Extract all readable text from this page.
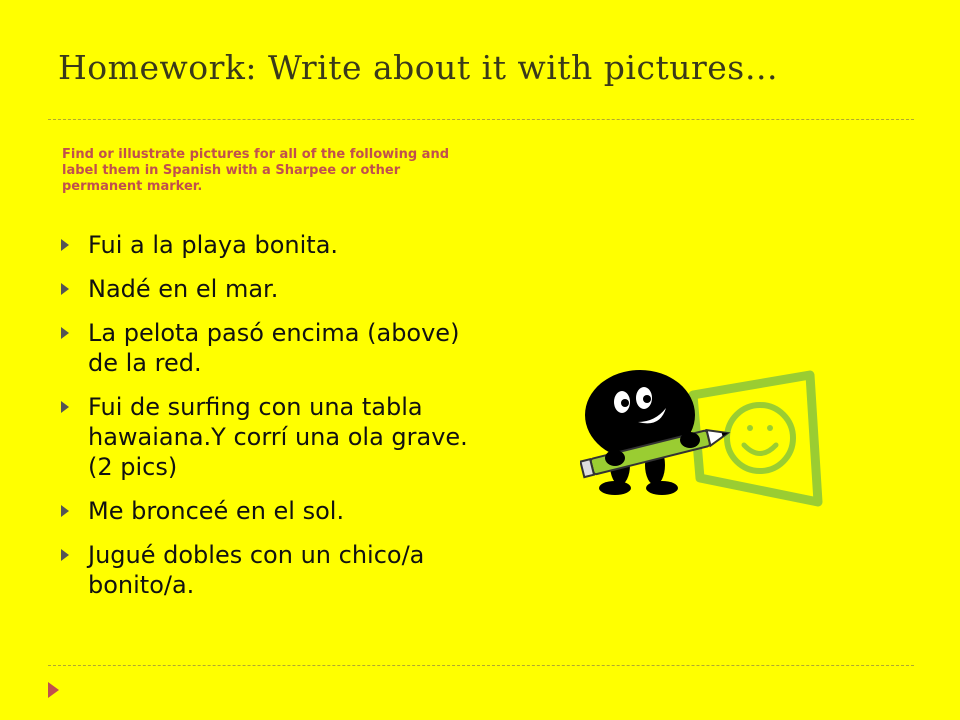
Homework: Write about it with pictures…
Find or illustrate pictures for all of the following and label them in Spanish with a Sharpee or other permanent marker.
Fui a la playa bonita.
Nadé en el mar.
La pelota pasó encima (above) de la red.
Fui de surfing con una tabla hawaiana.Y corrí una ola grave. (2 pics)
Me bronceé en el sol.
Jugué dobles con un chico/a bonito/a.
